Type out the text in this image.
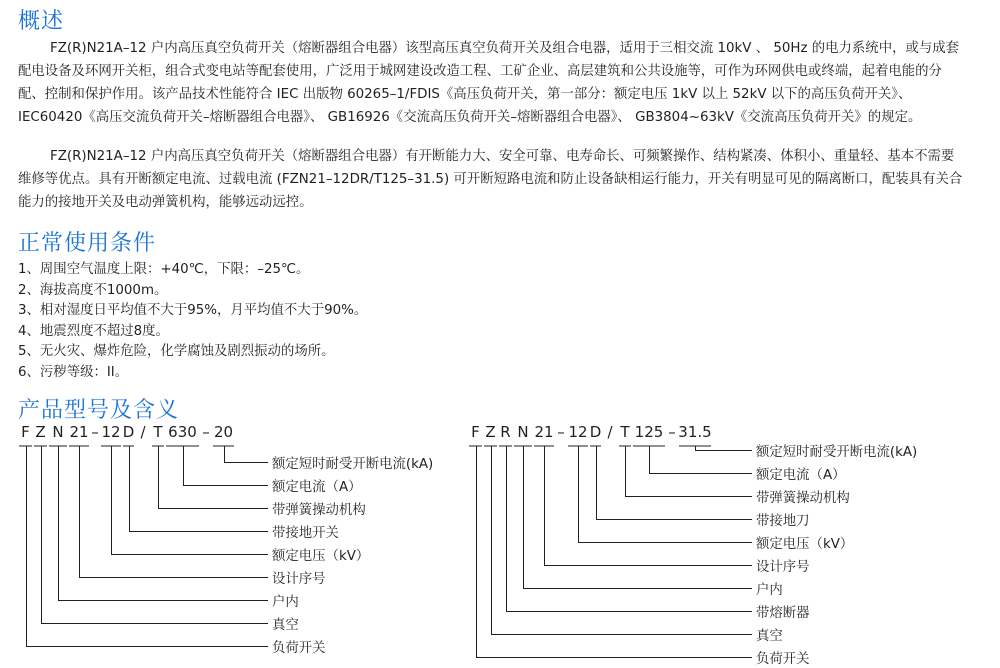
概述

FZ(R)N21A–12 户内高压真空负荷开关（熔断器组合电器）该型高压真空负荷开关及组合电器，适用于三相交流 10kV 、 50Hz 的电力系统中，或与成套配电设备及环网开关柜，组合式变电站等配套使用，广泛用于城网建设改造工程、工矿企业、高层建筑和公共设施等，可作为环网供电或终端，起着电能的分配、控制和保护作用。该产品技术性能符合 IEC 出版物 60265–1/FDIS《高压负荷开关，第一部分：额定电压 1kV 以上 52kV 以下的高压负荷开关》、 IEC60420《高压交流负荷开关–熔断器组合电器》、 GB16926《交流高压负荷开关–熔断器组合电器》、 GB3804~63kV《交流高压负荷开关》的规定。

FZ(R)N21A–12 户内高压真空负荷开关（熔断器组合电器）有开断能力大、安全可靠、电寿命长、可频繁操作、结构紧凑、体积小、重量轻、基本不需要维修等优点。具有开断额定电流、过载电流 (FZN21–12DR/T125–31.5) 可开断短路电流和防止设备缺相运行能力，开关有明显可见的隔离断口，配装具有关合能力的接地开关及电动弹簧机构，能够远动远控。

正常使用条件
1、周围空气温度上限：+40℃，下限：–25℃。
2、海拔高度不1000m。
3、相对湿度日平均值不大于95%，月平均值不大于90%。
4、地震烈度不超过8度。
5、无火灾、爆炸危险，化学腐蚀及剧烈振动的场所。
6、污秽等级：II。
产品型号及含义
F Z N 21 – 12 D / T 630 – 20
额定短时耐受开断电流(kA)
额定电流（A）
带弹簧操动机构
带接地开关
额定电压（kV）
设计序号
户内
真空
负荷开关
F Z R N 21 – 12 D / T 125 – 31.5
额定短时耐受开断电流(kA)
额定电流（A）
带弹簧操动机构
带接地刀
额定电压（kV）
设计序号
户内
带熔断器
真空
负荷开关
